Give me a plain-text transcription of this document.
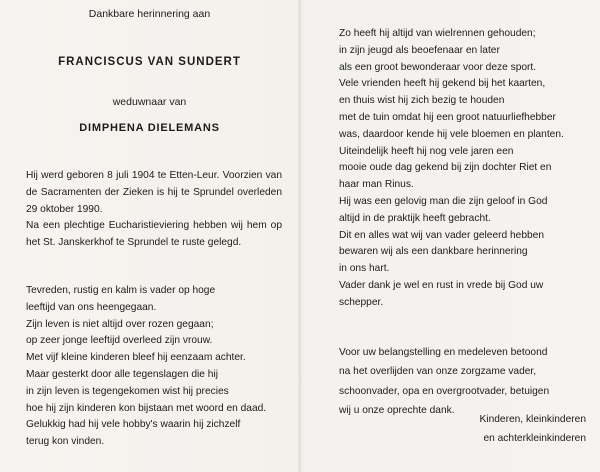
Dankbare herinnering aan
FRANCISCUS VAN SUNDERT
weduwnaar van
DIMPHENA DIELEMANS

Hij werd geboren 8 juli 1904 te Etten-Leur. Voorzien van de Sacramenten der Zieken is hij te Sprundel overleden 29 oktober 1990.

Na een plechtige Eucharistieviering hebben wij hem op het St. Janskerkhof te Sprundel te ruste gelegd.

Tevreden, rustig en kalm is vader op hoge
leeftijd van ons heengegaan.
Zijn leven is niet altijd over rozen gegaan;
op zeer jonge leeftijd overleed zijn vrouw.
Met vijf kleine kinderen bleef hij eenzaam achter.
Maar gesterkt door alle tegenslagen die hij
in zijn leven is tegengekomen wist hij precies
hoe hij zijn kinderen kon bijstaan met woord en daad.
Gelukkig had hij vele hobby's waarin hij zichzelf
terug kon vinden.
Zo heeft hij altijd van wielrennen gehouden;
in zijn jeugd als beoefenaar en later
als een groot bewonderaar voor deze sport.
Vele vrienden heeft hij gekend bij het kaarten,
en thuis wist hij zich bezig te houden
met de tuin omdat hij een groot natuurliefhebber
was, daardoor kende hij vele bloemen en planten.
Uiteindelijk heeft hij nog vele jaren een
mooie oude dag gekend bij zijn dochter Riet en
haar man Rinus.
Hij was een gelovig man die zijn geloof in God
altijd in de praktijk heeft gebracht.
Dit en alles wat wij van vader geleerd hebben
bewaren wij als een dankbare herinnering
in ons hart.
Vader dank je wel en rust in vrede bij God uw
schepper.
Voor uw belangstelling en medeleven betoond
na het overlijden van onze zorgzame vader,
schoonvader, opa en overgrootvader, betuigen
wij u onze oprechte dank.
Kinderen, kleinkinderen
en achterkleinkinderen
